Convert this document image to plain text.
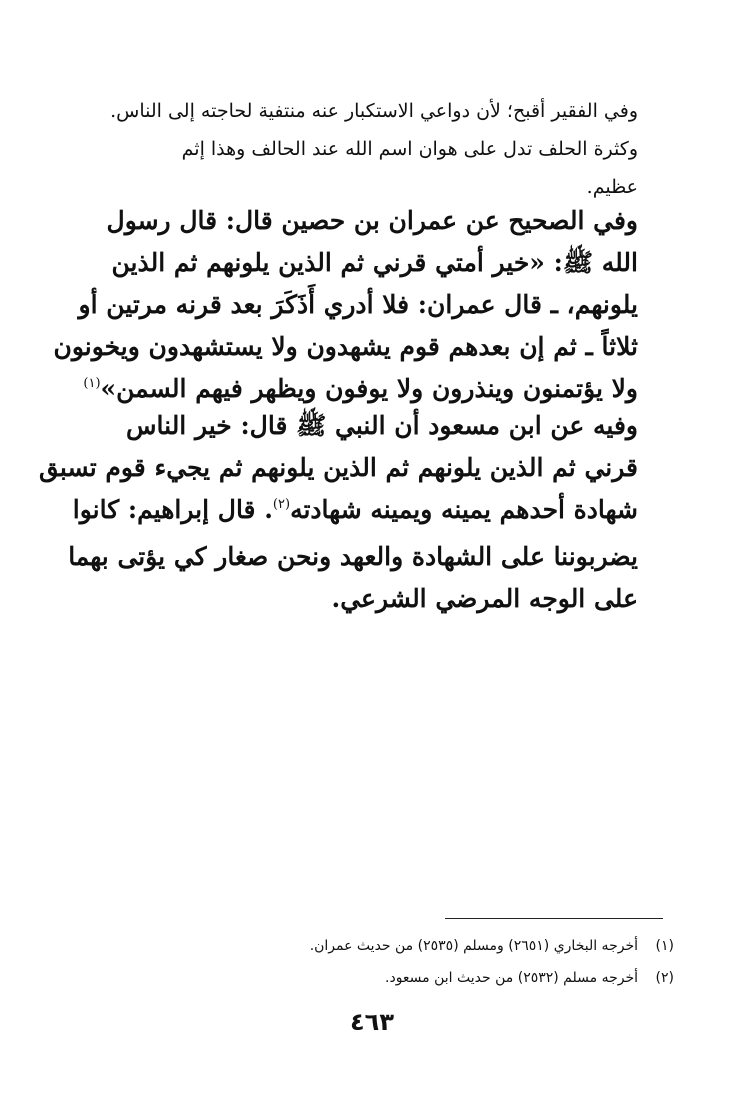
وفي الفقير أقبح؛ لأن دواعي الاستكبار عنه منتفية لحاجته إلى الناس.
وكثرة الحلف تدل على هوان اسم الله عند الحالف وهذا إثم
عظيم.
وفي الصحيح عن عمران بن حصين قال: قال رسول
الله ﷺ: «خير أمتي قرني ثم الذين يلونهم ثم الذين
يلونهم، ـ قال عمران: فلا أدري أَذَكَرَ بعد قرنه مرتين أو
ثلاثاً ـ ثم إن بعدهم قوم يشهدون ولا يستشهدون ويخونون
ولا يؤتمنون وينذرون ولا يوفون ويظهر فيهم السمن»$^{(١)}$
وفيه عن ابن مسعود أن النبي ﷺ قال: خير الناس
قرني ثم الذين يلونهم ثم الذين يلونهم ثم يجيء قوم تسبق
شهادة أحدهم يمينه ويمينه شهادته$^{(٢)}$. قال إبراهيم: كانوا
يضربوننا على الشهادة والعهد ونحن صغار كي يؤتى بهما
على الوجه المرضي الشرعي.
(١)أخرجه البخاري (٢٦٥١) ومسلم (٢٥٣٥) من حديث عمران.
(٢)أخرجه مسلم (٢٥٣٢) من حديث ابن مسعود.
٤٦٣
